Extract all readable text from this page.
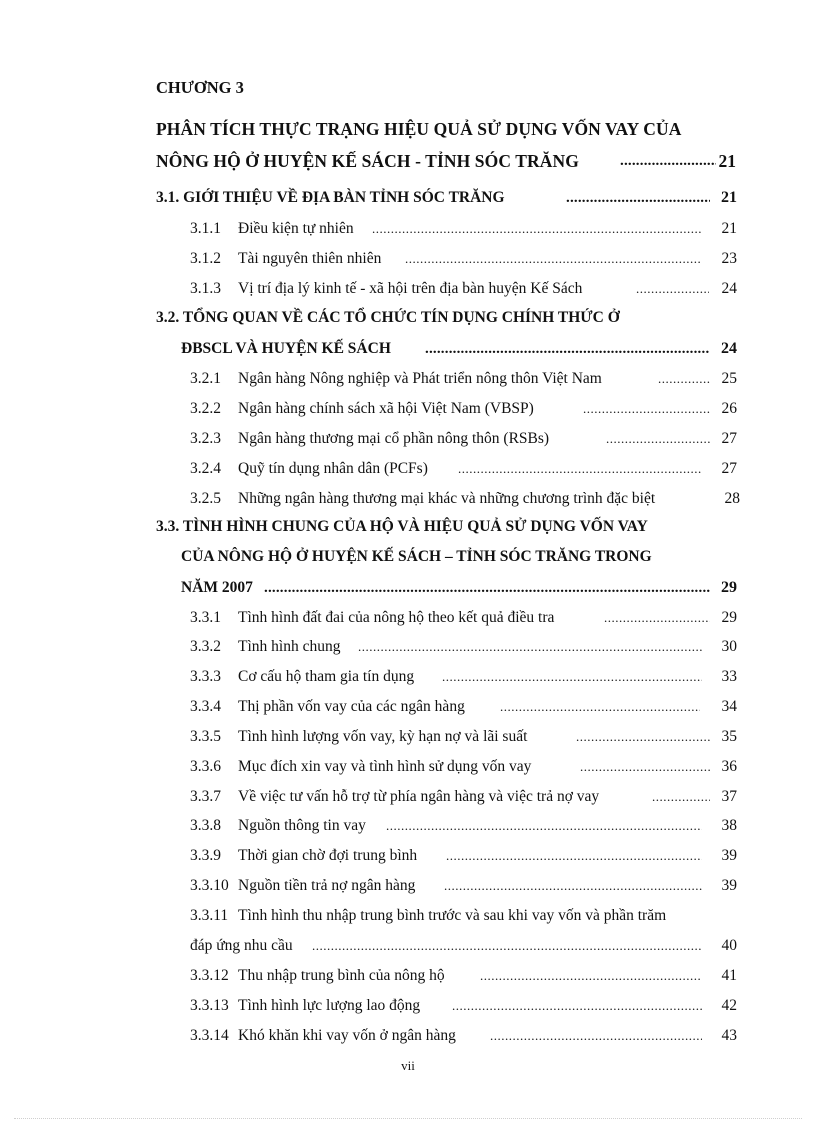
CHƯƠNG 3
PHÂN TÍCH THỰC TRẠNG HIỆU QUẢ SỬ DỤNG VỐN VAY CỦA
NÔNG HỘ Ở HUYỆN KẾ SÁCH - TỈNH SÓC TRĂNG .....	21
3.1. GIỚI THIỆU VỀ ĐỊA BÀN TỈNH SÓC TRĂNG .....	21
3.1.1 Điều kiện tự nhiên .....	21
3.1.2 Tài nguyên thiên nhiên .....	23
3.1.3 Vị trí địa lý kinh tế - xã hội trên địa bàn huyện Kế Sách .....	24
3.2. TỔNG QUAN VỀ CÁC TỔ CHỨC TÍN DỤNG CHÍNH THỨC Ở
ĐBSCL VÀ HUYỆN KẾ SÁCH .....	24
3.2.1 Ngân hàng Nông nghiệp và Phát triển nông thôn Việt Nam .....	25
3.2.2 Ngân hàng chính sách xã hội Việt Nam (VBSP) .....	26
3.2.3 Ngân hàng thương mại cổ phần nông thôn (RSBs) .....	27
3.2.4 Quỹ tín dụng nhân dân (PCFs) .....	27
3.2.5 Những ngân hàng thương mại khác và những chương trình đặc biệt	28
3.3. TÌNH HÌNH CHUNG CỦA HỘ VÀ HIỆU QUẢ SỬ DỤNG VỐN VAY
CỦA NÔNG HỘ Ở HUYỆN KẾ SÁCH – TỈNH SÓC TRĂNG TRONG
NĂM 2007 .....	29
3.3.1 Tình hình đất đai của nông hộ theo kết quả điều tra .....	29
3.3.2 Tình hình chung .....	30
3.3.3 Cơ cấu hộ tham gia tín dụng .....	33
3.3.4 Thị phần vốn vay của các ngân hàng .....	34
3.3.5 Tình hình lượng vốn vay, kỳ hạn nợ và lãi suất .....	35
3.3.6 Mục đích xin vay và tình hình sử dụng vốn vay .....	36
3.3.7 Về việc tư vấn hỗ trợ từ phía ngân hàng và việc trả nợ vay .....	37
3.3.8 Nguồn thông tin vay .....	38
3.3.9 Thời gian chờ đợi trung bình .....	39
3.3.10 Nguồn tiền trả nợ ngân hàng .....	39
3.3.11 Tình hình thu nhập trung bình trước và sau khi vay vốn và phần trăm
đáp ứng nhu cầu .....	40
3.3.12 Thu nhập trung bình của nông hộ .....	41
3.3.13 Tình hình lực lượng lao động .....	42
3.3.14 Khó khăn khi vay vốn ở ngân hàng .....	43
vii
